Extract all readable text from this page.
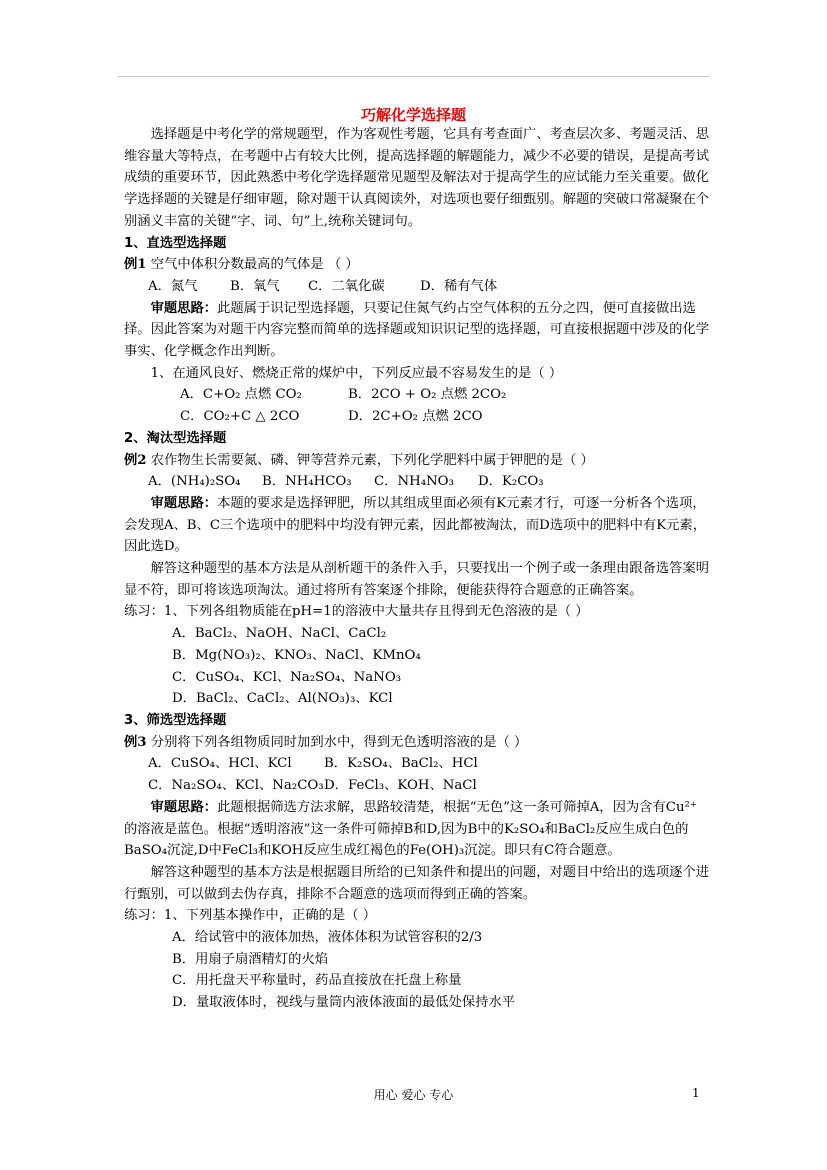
巧解化学选择题

选择题是中考化学的常规题型，作为客观性考题，它具有考查面广、考查层次多、考题灵活、思维容量大等特点，在考题中占有较大比例，提高选择题的解题能力，减少不必要的错误，是提高考试成绩的重要环节，因此熟悉中考化学选择题常见题型及解法对于提高学生的应试能力至关重要。做化学选择题的关键是仔细审题，除对题干认真阅读外，对选项也要仔细甄别。解题的突破口常凝聚在个别涵义丰富的关键“字、词、句”上,统称关键词句。

1、直选型选择题

例1 空气中体积分数最高的气体是 （ ）

A．氮气	B．氧气	C．二氧化碳	D．稀有气体

审题思路：此题属于识记型选择题，只要记住氮气约占空气体积的五分之四，便可直接做出选择。因此答案为对题干内容完整而简单的选择题或知识识记型的选择题，可直接根据题中涉及的化学事实、化学概念作出判断。

1、在通风良好、燃烧正常的煤炉中，下列反应最不容易发生的是（ ）

A．C+O₂ 点燃 CO₂	B．2CO + O₂ 点燃 2CO₂

C．CO₂+C △ 2CO	D．2C+O₂ 点燃 2CO

2、淘汰型选择题

例2 农作物生长需要氮、磷、钾等营养元素，下列化学肥料中属于钾肥的是（ ）

A．(NH₄)₂SO₄	B．NH₄HCO₃	C．NH₄NO₃	D．K₂CO₃

审题思路：本题的要求是选择钾肥，所以其组成里面必须有K元素才行，可逐一分析各个选项，会发现A、B、C三个选项中的肥料中均没有钾元素，因此都被淘汰，而D选项中的肥料中有K元素，因此选D。

解答这种题型的基本方法是从剖析题干的条件入手，只要找出一个例子或一条理由跟备选答案明显不符，即可将该选项淘汰。通过将所有答案逐个排除，便能获得符合题意的正确答案。

练习：1、下列各组物质能在pH=1的溶液中大量共存且得到无色溶液的是（ ）

A．BaCl₂、NaOH、NaCl、CaCl₂

B．Mg(NO₃)₂、KNO₃、NaCl、KMnO₄

C．CuSO₄、KCl、Na₂SO₄、NaNO₃

D．BaCl₂、CaCl₂、Al(NO₃)₃、KCl

3、筛选型选择题

例3 分别将下列各组物质同时加到水中，得到无色透明溶液的是（ ）

A．CuSO₄、HCl、KCl	B．K₂SO₄、BaCl₂、HCl

C．Na₂SO₄、KCl、Na₂CO₃ D．FeCl₃、KOH、NaCl

审题思路：此题根据筛选方法求解，思路较清楚，根据“无色”这一条可筛掉A，因为含有Cu²⁺的溶液是蓝色。根据“透明溶液”这一条件可筛掉B和D,因为B中的K₂SO₄和BaCl₂反应生成白色的BaSO₄沉淀,D中FeCl₃和KOH反应生成红褐色的Fe(OH)₃沉淀。即只有C符合题意。

解答这种题型的基本方法是根据题目所给的已知条件和提出的问题，对题目中给出的选项逐个进行甄别，可以做到去伪存真，排除不合题意的选项而得到正确的答案。

练习：1、下列基本操作中，正确的是（ ）

A．给试管中的液体加热，液体体积为试管容积的2/3

B．用扇子扇酒精灯的火焰

C．用托盘天平称量时，药品直接放在托盘上称量

D．量取液体时，视线与量筒内液体液面的最低处保持水平

用心 爱心 专心	1
